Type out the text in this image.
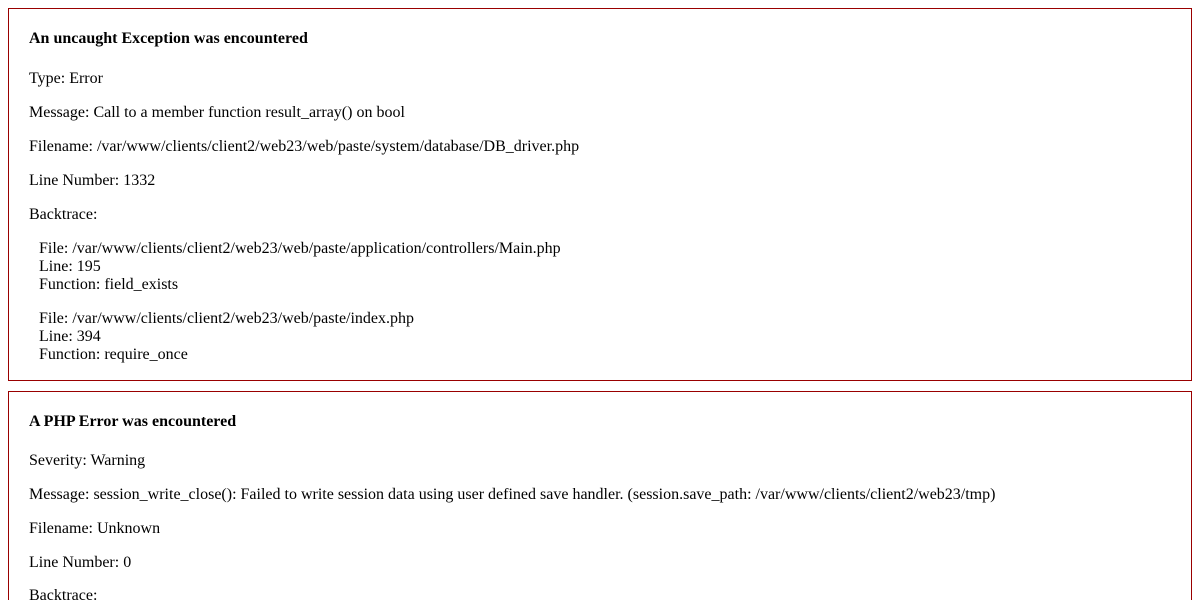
An uncaught Exception was encountered

Type: Error

Message: Call to a member function result_array() on bool

Filename: /var/www/clients/client2/web23/web/paste/system/database/DB_driver.php

Line Number: 1332

Backtrace:

File: /var/www/clients/client2/web23/web/paste/application/controllers/Main.php

Line: 195

Function: field_exists

File: /var/www/clients/client2/web23/web/paste/index.php

Line: 394

Function: require_once

A PHP Error was encountered

Severity: Warning

Message: session_write_close(): Failed to write session data using user defined save handler. (session.save_path: /var/www/clients/client2/web23/tmp)

Filename: Unknown

Line Number: 0

Backtrace:
